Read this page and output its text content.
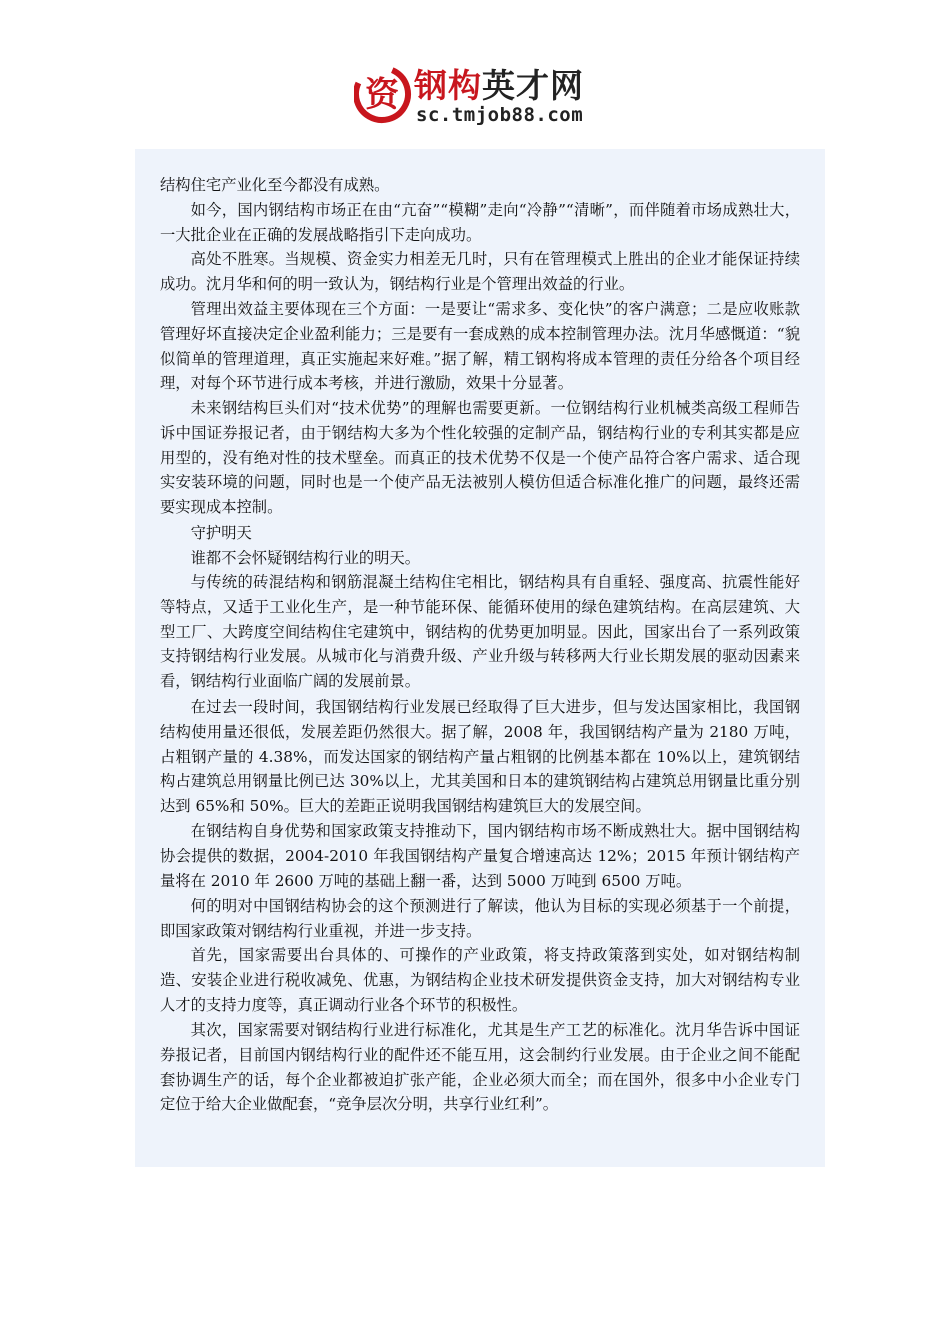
资 钢构英才网
sc.tmjob88.com

结构住宅产业化至今都没有成熟。

如今，国内钢结构市场正在由“亢奋”“模糊”走向“冷静”“清晰”，而伴随着市场成熟壮大，一大批企业在正确的发展战略指引下走向成功。

高处不胜寒。当规模、资金实力相差无几时，只有在管理模式上胜出的企业才能保证持续成功。沈月华和何的明一致认为，钢结构行业是个管理出效益的行业。

管理出效益主要体现在三个方面：一是要让“需求多、变化快”的客户满意；二是应收账款管理好坏直接决定企业盈利能力；三是要有一套成熟的成本控制管理办法。沈月华感慨道：“貌似简单的管理道理，真正实施起来好难。”据了解，精工钢构将成本管理的责任分给各个项目经理，对每个环节进行成本考核，并进行激励，效果十分显著。

未来钢结构巨头们对“技术优势”的理解也需要更新。一位钢结构行业机械类高级工程师告诉中国证券报记者，由于钢结构大多为个性化较强的定制产品，钢结构行业的专利其实都是应用型的，没有绝对性的技术壁垒。而真正的技术优势不仅是一个使产品符合客户需求、适合现实安装环境的问题，同时也是一个使产品无法被别人模仿但适合标准化推广的问题，最终还需要实现成本控制。

守护明天

谁都不会怀疑钢结构行业的明天。

与传统的砖混结构和钢筋混凝土结构住宅相比，钢结构具有自重轻、强度高、抗震性能好等特点，又适于工业化生产，是一种节能环保、能循环使用的绿色建筑结构。在高层建筑、大型工厂、大跨度空间结构住宅建筑中，钢结构的优势更加明显。因此，国家出台了一系列政策支持钢结构行业发展。从城市化与消费升级、产业升级与转移两大行业长期发展的驱动因素来看，钢结构行业面临广阔的发展前景。

在过去一段时间，我国钢结构行业发展已经取得了巨大进步，但与发达国家相比，我国钢结构使用量还很低，发展差距仍然很大。据了解，2008 年，我国钢结构产量为 2180 万吨，占粗钢产量的 4.38%，而发达国家的钢结构产量占粗钢的比例基本都在 10%以上，建筑钢结构占建筑总用钢量比例已达 30%以上，尤其美国和日本的建筑钢结构占建筑总用钢量比重分别达到 65%和 50%。巨大的差距正说明我国钢结构建筑巨大的发展空间。

在钢结构自身优势和国家政策支持推动下，国内钢结构市场不断成熟壮大。据中国钢结构协会提供的数据，2004-2010 年我国钢结构产量复合增速高达 12%；2015 年预计钢结构产量将在 2010 年 2600 万吨的基础上翻一番，达到 5000 万吨到 6500 万吨。

何的明对中国钢结构协会的这个预测进行了解读，他认为目标的实现必须基于一个前提，即国家政策对钢结构行业重视，并进一步支持。

首先，国家需要出台具体的、可操作的产业政策，将支持政策落到实处，如对钢结构制造、安装企业进行税收减免、优惠，为钢结构企业技术研发提供资金支持，加大对钢结构专业人才的支持力度等，真正调动行业各个环节的积极性。

其次，国家需要对钢结构行业进行标准化，尤其是生产工艺的标准化。沈月华告诉中国证券报记者，目前国内钢结构行业的配件还不能互用，这会制约行业发展。由于企业之间不能配套协调生产的话，每个企业都被迫扩张产能，企业必须大而全；而在国外，很多中小企业专门定位于给大企业做配套，“竞争层次分明，共享行业红利”。
